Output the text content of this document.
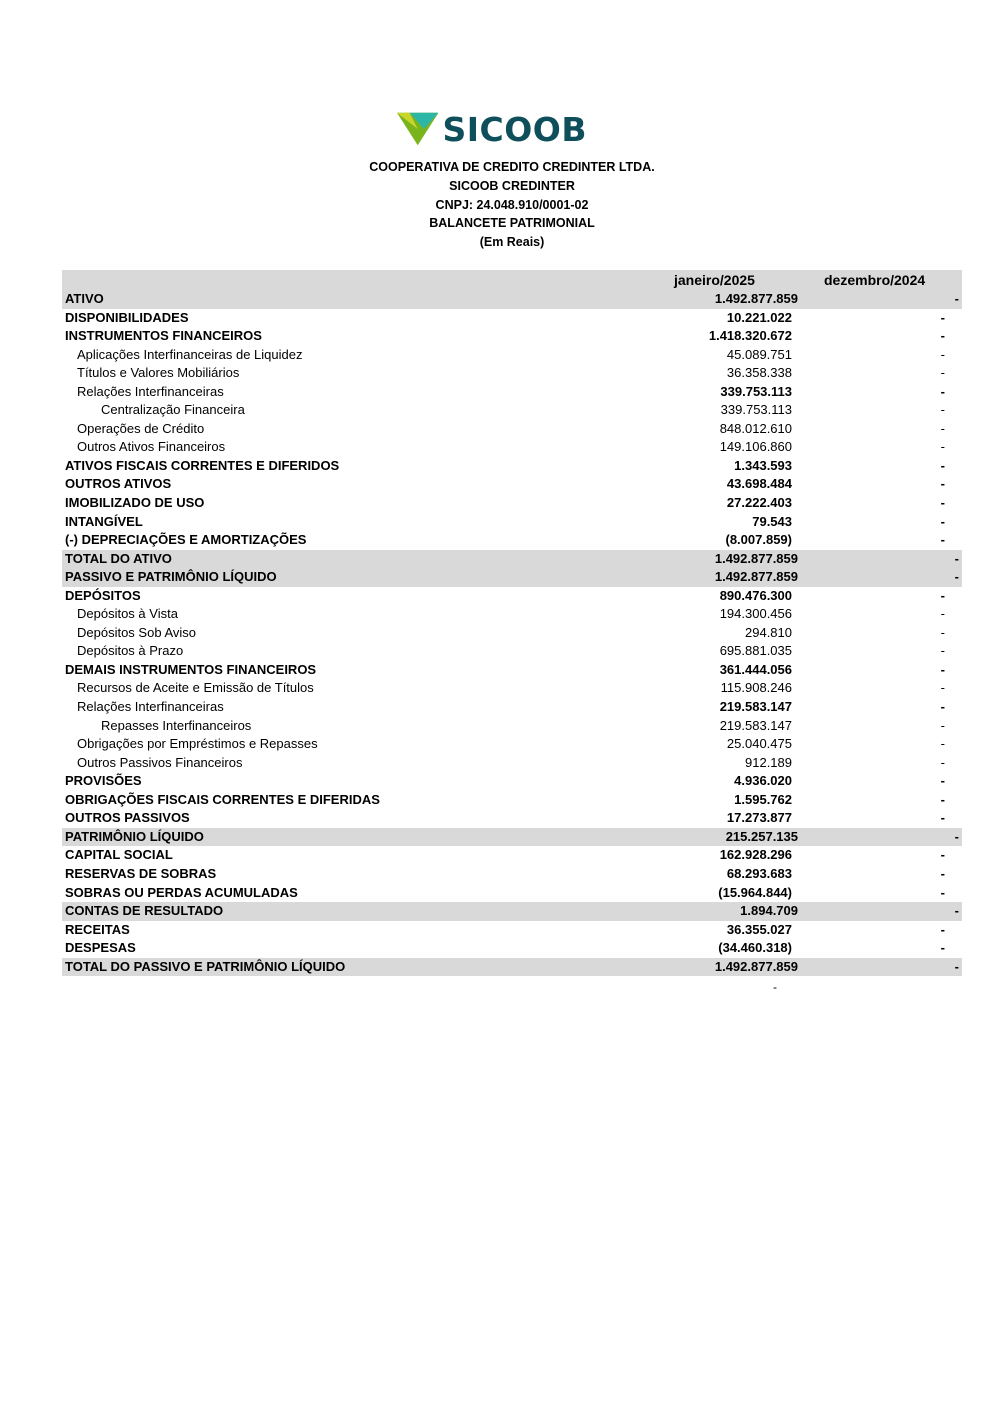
SICOOB
COOPERATIVA DE CREDITO CREDINTER LTDA.
SICOOB CREDINTER
CNPJ: 24.048.910/0001-02
BALANCETE PATRIMONIAL
(Em Reais)
janeiro/2025	dezembro/2024
ATIVO	1.492.877.859	-
DISPONIBILIDADES	10.221.022	-
INSTRUMENTOS FINANCEIROS	1.418.320.672	-
Aplicações Interfinanceiras de Liquidez	45.089.751	-
Títulos e Valores Mobiliários	36.358.338	-
Relações Interfinanceiras	339.753.113	-
Centralização Financeira	339.753.113	-
Operações de Crédito	848.012.610	-
Outros Ativos Financeiros	149.106.860	-
ATIVOS FISCAIS CORRENTES E DIFERIDOS	1.343.593	-
OUTROS ATIVOS	43.698.484	-
IMOBILIZADO DE USO	27.222.403	-
INTANGÍVEL	79.543	-
(-) DEPRECIAÇÕES E AMORTIZAÇÕES	(8.007.859)	-
TOTAL DO ATIVO	1.492.877.859	-
PASSIVO E PATRIMÔNIO LÍQUIDO	1.492.877.859	-
DEPÓSITOS	890.476.300	-
Depósitos à Vista	194.300.456	-
Depósitos Sob Aviso	294.810	-
Depósitos à Prazo	695.881.035	-
DEMAIS INSTRUMENTOS FINANCEIROS	361.444.056	-
Recursos de Aceite e Emissão de Títulos	115.908.246	-
Relações Interfinanceiras	219.583.147	-
Repasses Interfinanceiros	219.583.147	-
Obrigações por Empréstimos e Repasses	25.040.475	-
Outros Passivos Financeiros	912.189	-
PROVISÕES	4.936.020	-
OBRIGAÇÕES FISCAIS CORRENTES E DIFERIDAS	1.595.762	-
OUTROS PASSIVOS	17.273.877	-
PATRIMÔNIO LÍQUIDO	215.257.135	-
CAPITAL SOCIAL	162.928.296	-
RESERVAS DE SOBRAS	68.293.683	-
SOBRAS OU PERDAS ACUMULADAS	(15.964.844)	-
CONTAS DE RESULTADO	1.894.709	-
RECEITAS	36.355.027	-
DESPESAS	(34.460.318)	-
TOTAL DO PASSIVO E PATRIMÔNIO LÍQUIDO	1.492.877.859	-
-
